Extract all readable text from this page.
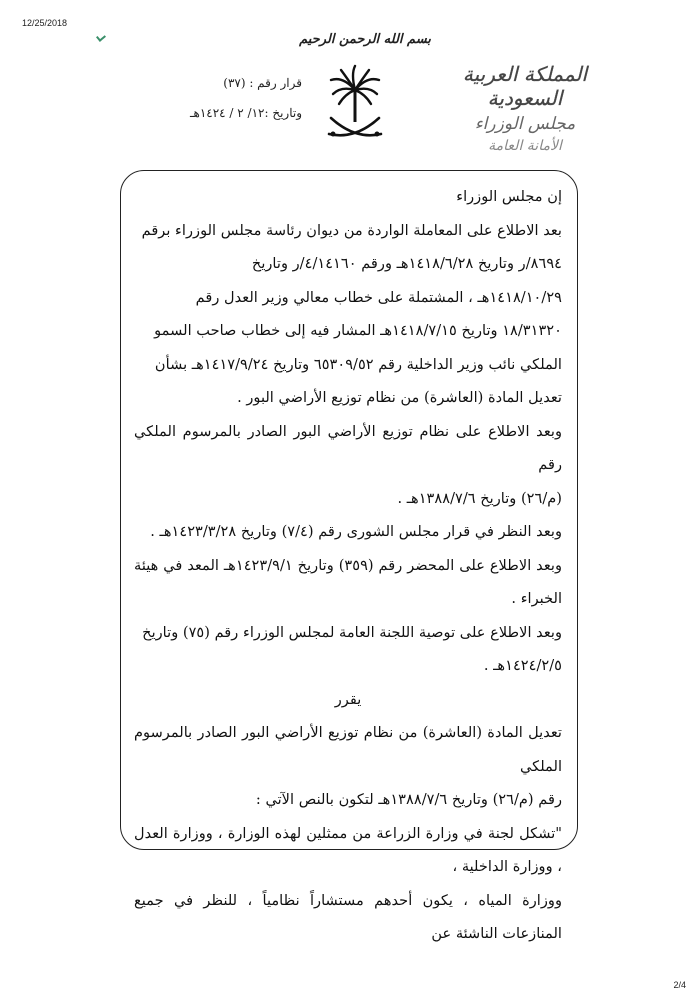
12/25/2018
بسم الله الرحمن الرحيم
المملكة العربية السعودية
مجلس الوزراء
الأمانة العامة
قرار رقم : (٣٧)
وتاريخ :١٢/ ٢ / ١٤٢٤هـ

إن مجلس الوزراء

بعد الاطلاع على المعاملة الواردة من ديوان رئاسة مجلس الوزراء برقم
٨٦٩٤/ر وتاريخ ١٤١٨/٦/٢٨هـ ورقم ٤/١٤١٦٠/ر وتاريخ
١٤١٨/١٠/٢٩هـ ، المشتملة على خطاب معالي وزير العدل رقم
١٨/٣١٣٢٠ وتاريخ ١٤١٨/٧/١٥هـ المشار فيه إلى خطاب صاحب السمو
الملكي نائب وزير الداخلية رقم ٦٥٣٠٩/٥٢ وتاريخ ١٤١٧/٩/٢٤هـ بشأن
تعديل المادة (العاشرة) من نظام توزيع الأراضي البور .
وبعد الاطلاع على نظام توزيع الأراضي البور الصادر بالمرسوم الملكي رقم
(م/٢٦) وتاريخ ١٣٨٨/٧/٦هـ .
وبعد النظر في قرار مجلس الشورى رقم (٧/٤) وتاريخ ١٤٢٣/٣/٢٨هـ .
وبعد الاطلاع على المحضر رقم (٣٥٩) وتاريخ ١٤٢٣/٩/١هـ المعد في هيئة الخبراء .
وبعد الاطلاع على توصية اللجنة العامة لمجلس الوزراء رقم (٧٥) وتاريخ
١٤٢٤/٢/٥هـ .

يقرر

تعديل المادة (العاشرة) من نظام توزيع الأراضي البور الصادر بالمرسوم الملكي
رقم (م/٢٦) وتاريخ ١٣٨٨/٧/٦هـ لتكون بالنص الآتي :
"تشكل لجنة في وزارة الزراعة من ممثلين لهذه الوزارة ، ووزارة العدل ، ووزارة الداخلية ،
ووزارة المياه ، يكون أحدهم مستشاراً نظامياً ، للنظر في جميع المنازعات الناشئة عن
2/4
